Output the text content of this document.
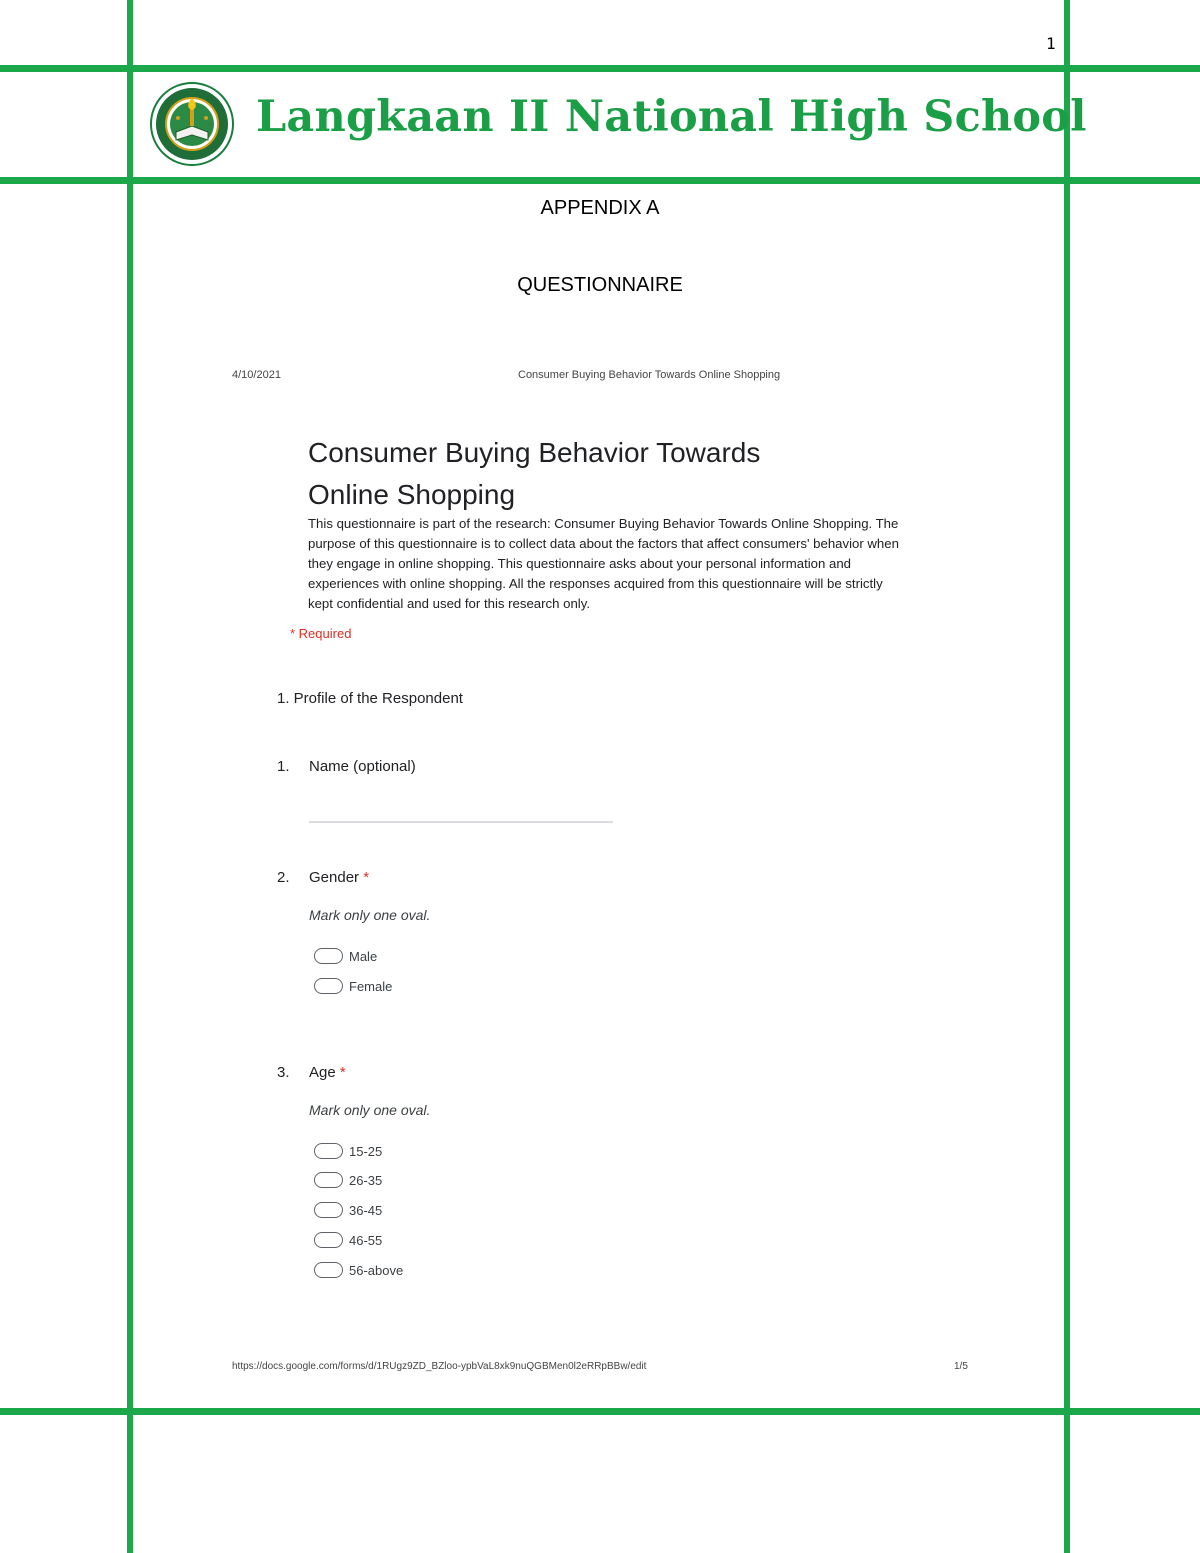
1
Langkaan II National High School
APPENDIX A
QUESTIONNAIRE
4/10/2021	Consumer Buying Behavior Towards Online Shopping
Consumer Buying Behavior Towards
Online Shopping
This questionnaire is part of the research: Consumer Buying Behavior Towards Online Shopping. The purpose of this questionnaire is to collect data about the factors that affect consumers' behavior when they engage in online shopping. This questionnaire asks about your personal information and experiences with online shopping. All the responses acquired from this questionnaire will be strictly kept confidential and used for this research only.
* Required
1. Profile of the Respondent
1. Name (optional)
2. Gender *
Mark only one oval.
Male
Female
3. Age *
Mark only one oval.
15-25
26-35
36-45
46-55
56-above
https://docs.google.com/forms/d/1RUgz9ZD_BZloo-ypbVaL8xk9nuQGBMen0l2eRRpBBw/edit	1/5
